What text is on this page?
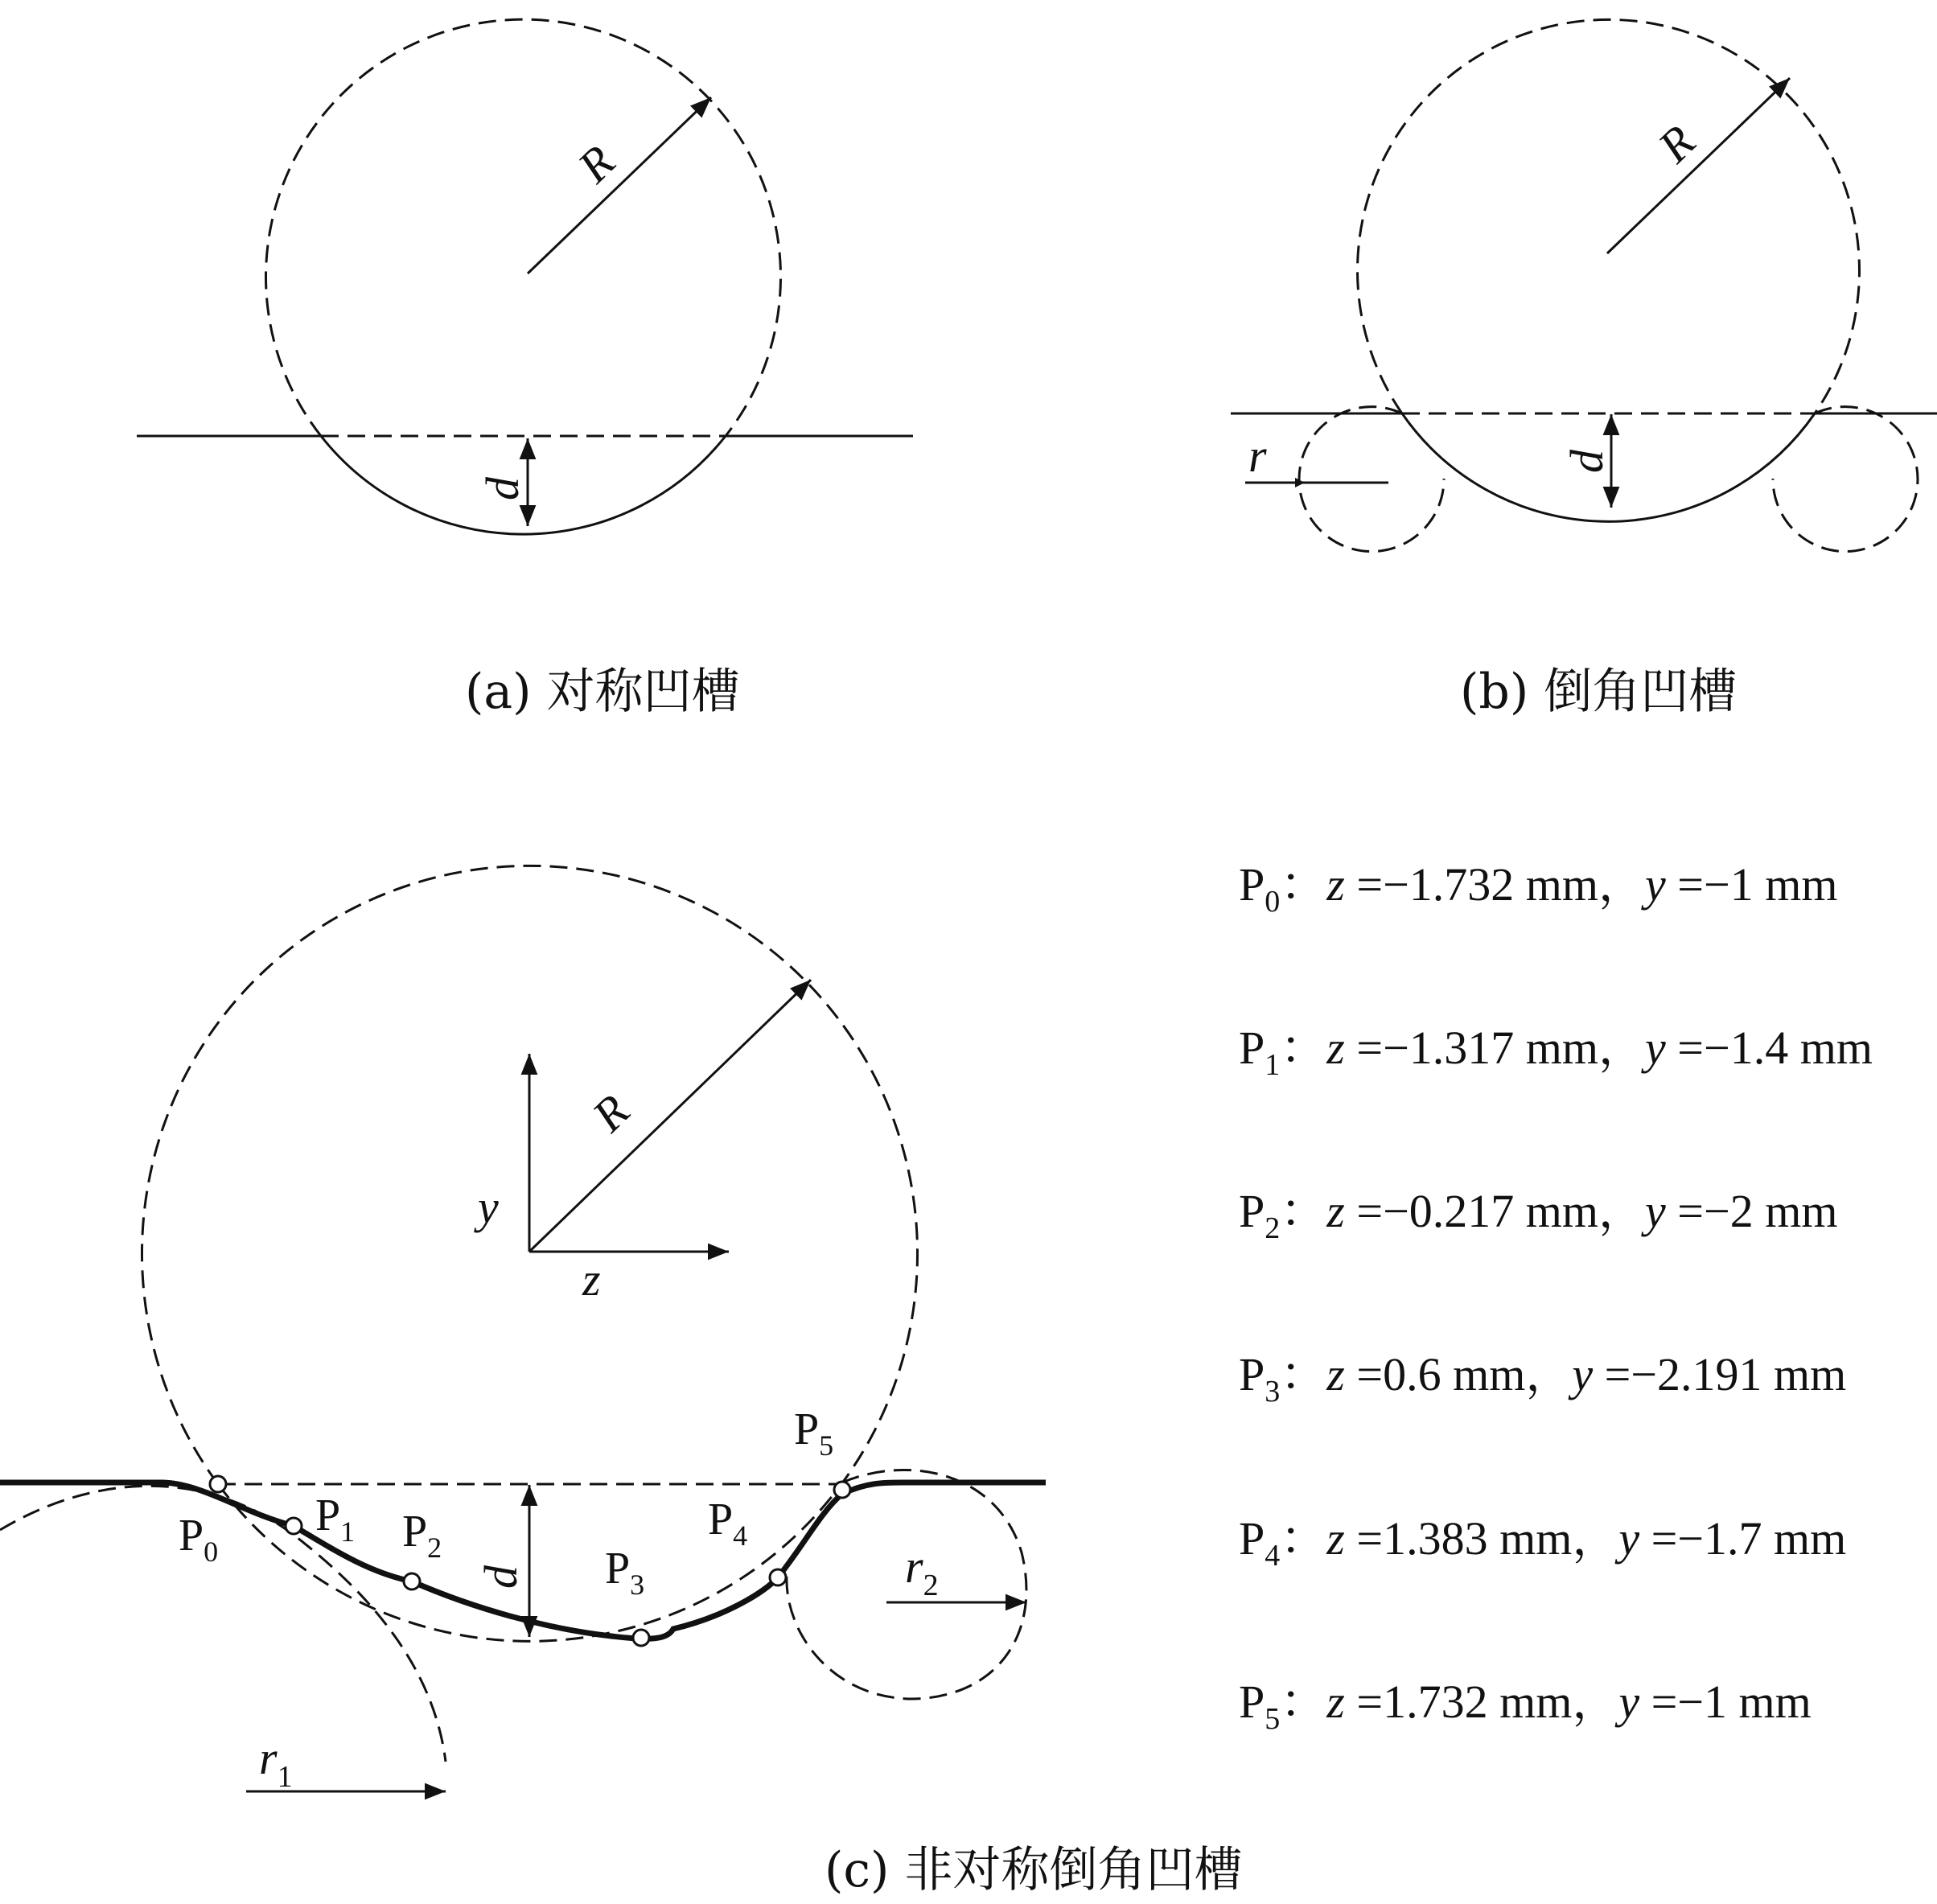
R
d
(a) 对称凹槽
R
d
r
(b) 倒角凹槽
R
d
y
z
$r_1$
$r_2$
$P_0$
$P_1$ $P_2$	$P_3$
$P_4$
$P_5$
(c) 非对称倒角凹槽
$P_0$：z =−1.732 mm，y =−1 mm
$P_1$：z =−1.317 mm，y =−1.4 mm
$P_2$：z =−0.217 mm，y =−2 mm
$P_3$：z =0.6 mm，y =−2.191 mm
$P_4$：z =1.383 mm，y =−1.7 mm
$P_5$：z =1.732 mm，y =−1 mm
